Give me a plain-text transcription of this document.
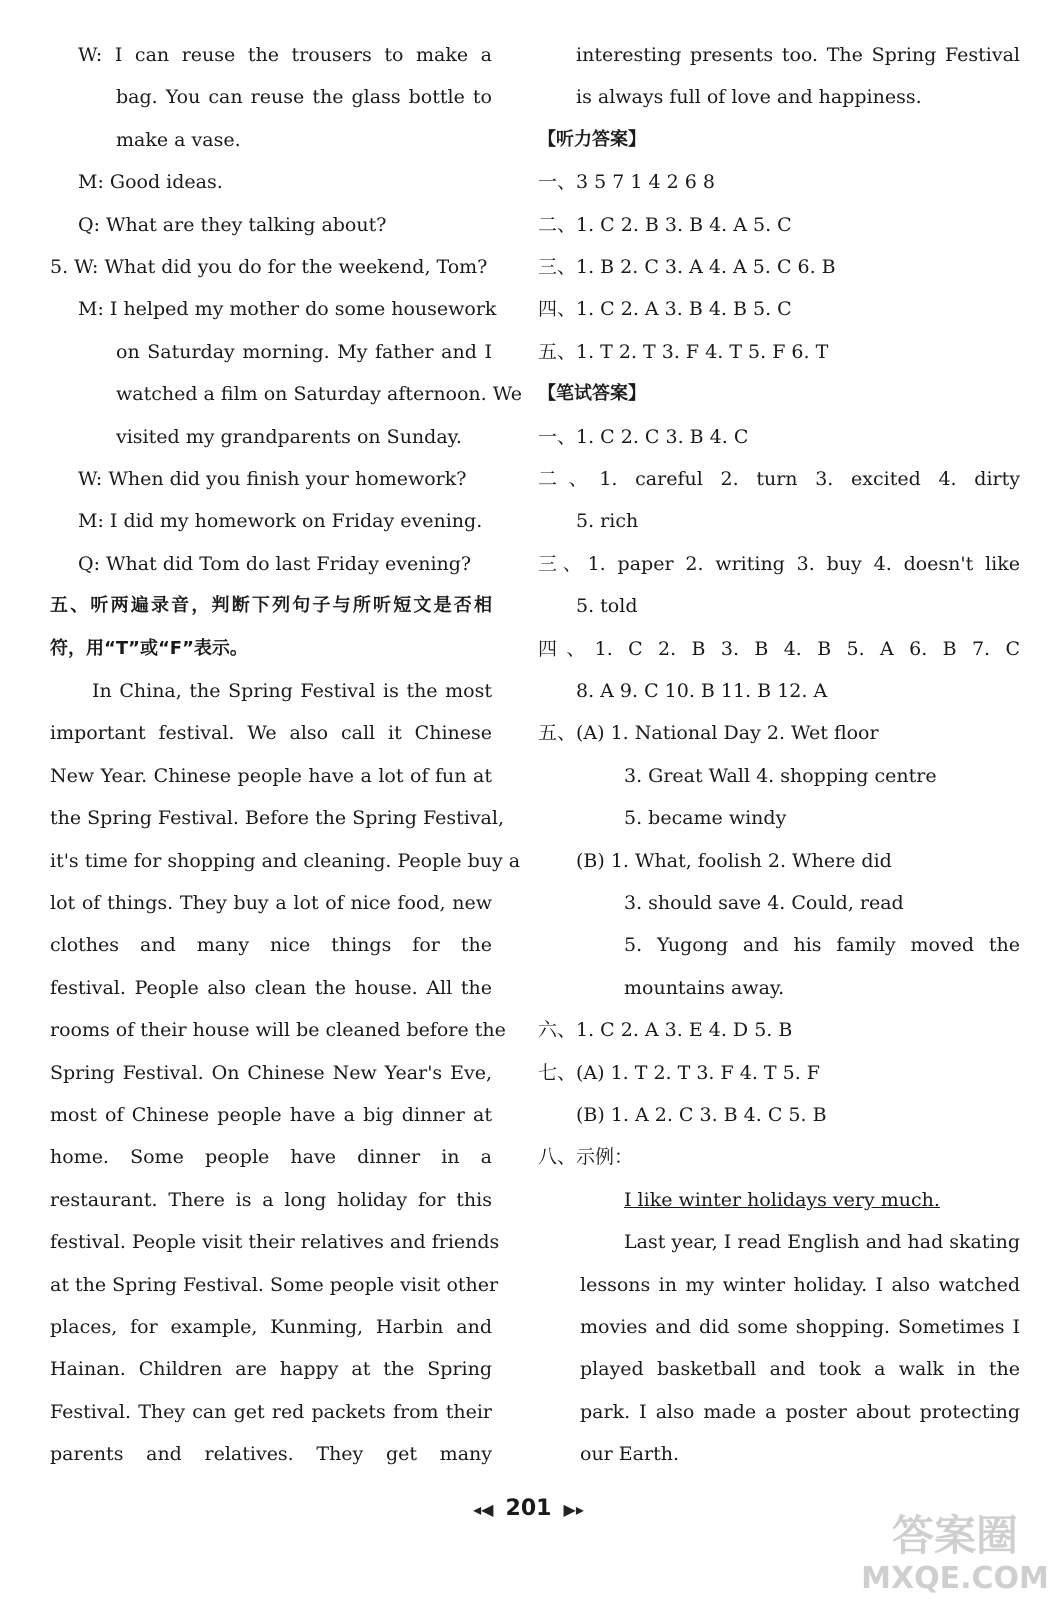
W: I can reuse the trousers to make a
bag. You can reuse the glass bottle to
make a vase.
M: Good ideas.
Q: What are they talking about?
5. W: What did you do for the weekend, Tom?
M: I helped my mother do some housework
on Saturday morning. My father and I
watched a film on Saturday afternoon. We
visited my grandparents on Sunday.
W: When did you finish your homework?
M: I did my homework on Friday evening.
Q: What did Tom do last Friday evening?
五、听两遍录音，判断下列句子与所听短文是否相
符，用“T”或“F”表示。
In China, the Spring Festival is the most
important festival. We also call it Chinese
New Year. Chinese people have a lot of fun at
the Spring Festival. Before the Spring Festival,
it's time for shopping and cleaning. People buy a
lot of things. They buy a lot of nice food, new
clothes and many nice things for the
festival. People also clean the house. All the
rooms of their house will be cleaned before the
Spring Festival. On Chinese New Year's Eve,
most of Chinese people have a big dinner at
home. Some people have dinner in a
restaurant. There is a long holiday for this
festival. People visit their relatives and friends
at the Spring Festival. Some people visit other
places, for example, Kunming, Harbin and
Hainan. Children are happy at the Spring
Festival. They can get red packets from their
parents and relatives. They get many
interesting presents too. The Spring Festival
is always full of love and happiness.
【听力答案】
一、3 5 7 1 4 2 6 8
二、1. C 2. B 3. B 4. A 5. C
三、1. B 2. C 3. A 4. A 5. C 6. B
四、1. C 2. A 3. B 4. B 5. C
五、1. T 2. T 3. F 4. T 5. F 6. T
【笔试答案】
一、1. C 2. C 3. B 4. C
二、1. careful 2. turn 3. excited 4. dirty
5. rich
三、1. paper 2. writing 3. buy 4. doesn't like
5. told
四、1. C 2. B 3. B 4. B 5. A 6. B 7. C
8. A 9. C 10. B 11. B 12. A
五、(A) 1. National Day 2. Wet floor
3. Great Wall 4. shopping centre
5. became windy
(B) 1. What, foolish 2. Where did
3. should save 4. Could, read
5. Yugong and his family moved the
mountains away.
六、1. C 2. A 3. E 4. D 5. B
七、(A) 1. T 2. T 3. F 4. T 5. F
(B) 1. A 2. C 3. B 4. C 5. B
八、示例：
I like winter holidays very much.
Last year, I read English and had skating
lessons in my winter holiday. I also watched
movies and did some shopping. Sometimes I
played basketball and took a walk in the
park. I also made a poster about protecting
our Earth.
◂◀ 201 ▶▸
答案圈
MXQE.COM
